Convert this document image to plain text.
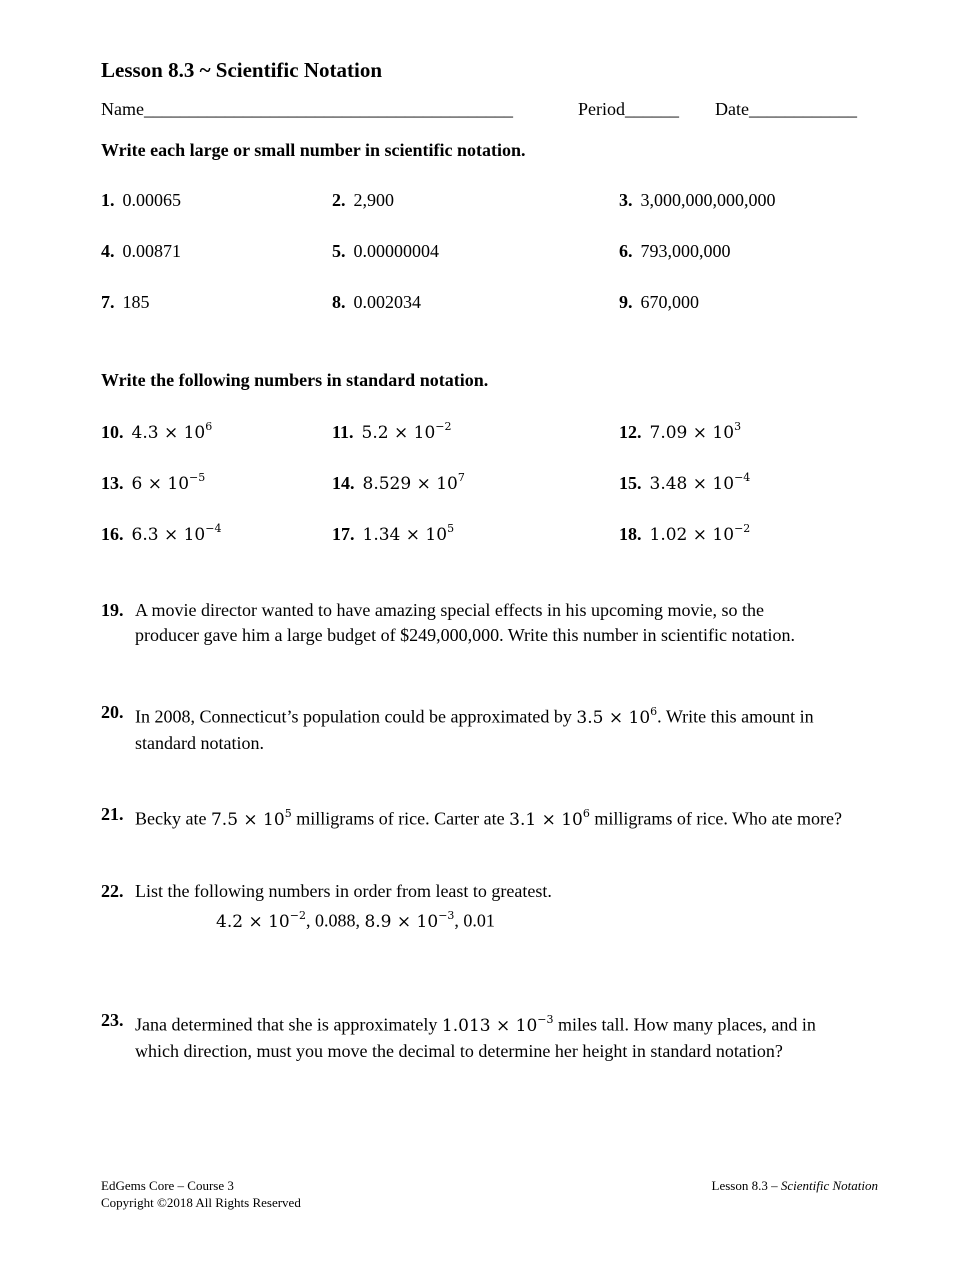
Lesson 8.3 ~ Scientific Notation
Name_________________________________________	Period______ Date____________
Write each large or small number in scientific notation.
1. 0.00065	2. 2,900	3. 3,000,000,000,000
4. 0.00871	5. 0.00000004	6. 793,000,000
7. 185	8. 0.002034	9. 670,000
Write the following numbers in standard notation.
10. $4.3 \times 10^6$	11. $5.2 \times 10^{-2}$	12. $7.09 \times 10^3$
13. $6 \times 10^{-5}$	14. $8.529 \times 10^7$	15. $3.48 \times 10^{-4}$
16. $6.3 \times 10^{-4}$	17. $1.34 \times 10^5$	18. $1.02 \times 10^{-2}$
19. A movie director wanted to have amazing special effects in his upcoming movie, so the
producer gave him a large budget of $249,000,000. Write this number in scientific notation.
20. In 2008, Connecticut’s population could be approximated by $3.5 \times 10^6$. Write this amount in
standard notation.
21. Becky ate $7.5 \times 10^5$ milligrams of rice. Carter ate $3.1 \times 10^6$ milligrams of rice. Who ate more?
22. List the following numbers in order from least to greatest.
$4.2 \times 10^{-2}$, 0.088, $8.9 \times 10^{-3}$, 0.01
23. Jana determined that she is approximately $1.013 \times 10^{-3}$ miles tall. How many places, and in
which direction, must you move the decimal to determine her height in standard notation?
EdGems Core – Course 3
Copyright ©2018 All Rights Reserved
Lesson 8.3 – Scientific Notation
